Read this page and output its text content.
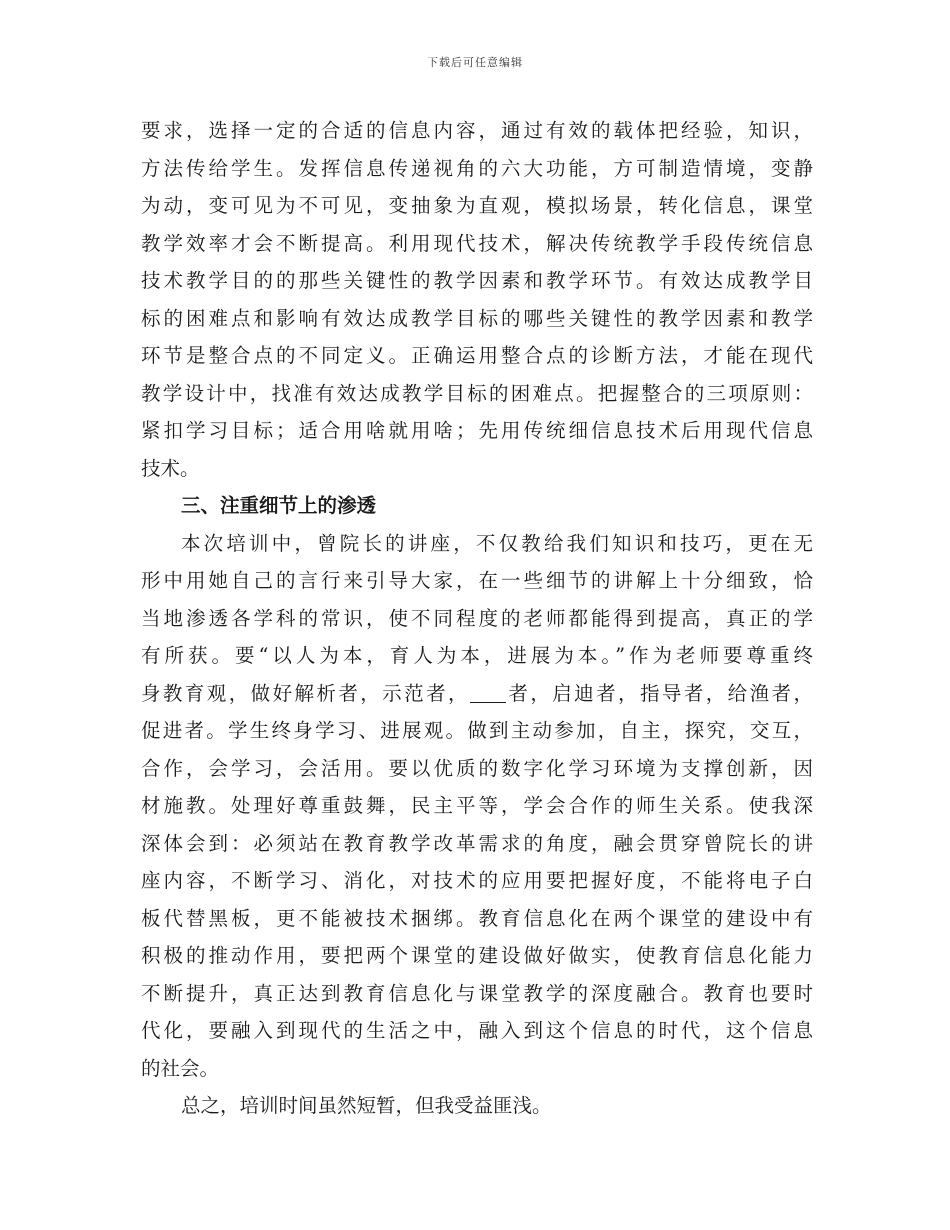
下载后可任意编辑
要求，选择一定的合适的信息内容，通过有效的载体把经验，知识，
方法传给学生。发挥信息传递视角的六大功能，方可制造情境，变静
为动，变可见为不可见，变抽象为直观，模拟场景，转化信息，课堂
教学效率才会不断提高。利用现代技术，解决传统教学手段传统信息
技术教学目的的那些关键性的教学因素和教学环节。有效达成教学目
标的困难点和影响有效达成教学目标的哪些关键性的教学因素和教学
环节是整合点的不同定义。正确运用整合点的诊断方法，才能在现代
教学设计中，找准有效达成教学目标的困难点。把握整合的三项原则：
紧扣学习目标；适合用啥就用啥；先用传统细信息技术后用现代信息
技术。
三、注重细节上的渗透
本次培训中，曾院长的讲座，不仅教给我们知识和技巧，更在无
形中用她自己的言行来引导大家，在一些细节的讲解上十分细致，恰
当地渗透各学科的常识，使不同程度的老师都能得到提高，真正的学
有所获。要“以人为本，育人为本，进展为本。”作为老师要尊重终
身教育观，做好解析者，示范者， 者，启迪者，指导者，给渔者，
促进者。学生终身学习、进展观。做到主动参加，自主，探究，交互，
合作，会学习，会活用。要以优质的数字化学习环境为支撑创新，因
材施教。处理好尊重鼓舞，民主平等，学会合作的师生关系。使我深
深体会到：必须站在教育教学改革需求的角度，融会贯穿曾院长的讲
座内容，不断学习、消化，对技术的应用要把握好度，不能将电子白
板代替黑板，更不能被技术捆绑。教育信息化在两个课堂的建设中有
积极的推动作用，要把两个课堂的建设做好做实，使教育信息化能力
不断提升，真正达到教育信息化与课堂教学的深度融合。教育也要时
代化，要融入到现代的生活之中，融入到这个信息的时代，这个信息
的社会。
总之，培训时间虽然短暂，但我受益匪浅。
